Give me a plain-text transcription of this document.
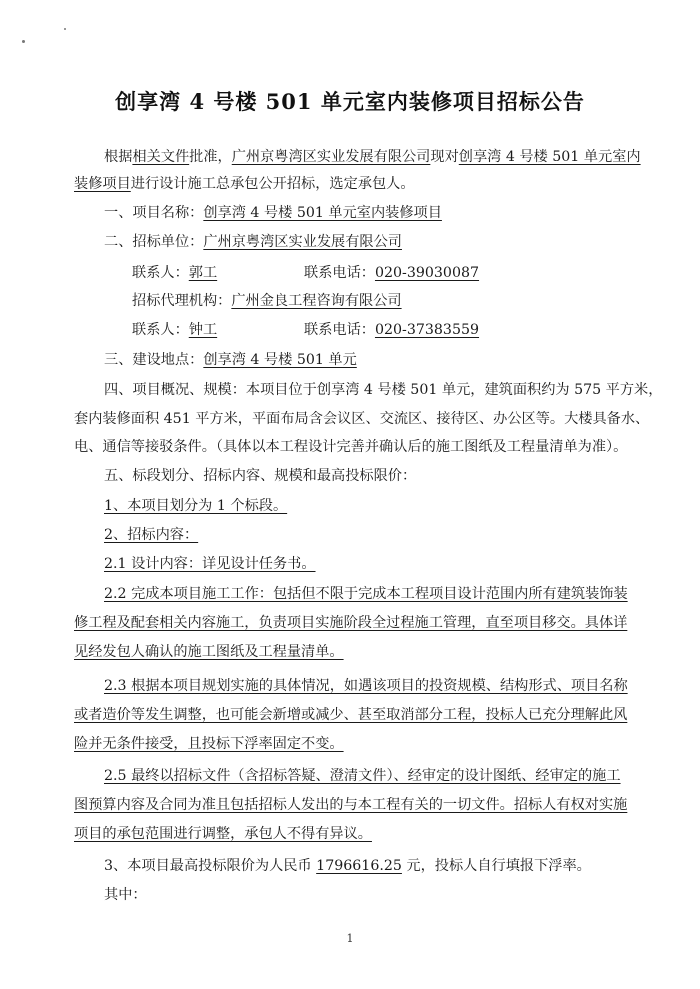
创享湾 4 号楼 501 单元室内装修项目招标公告
根据相关文件批准，广州京粤湾区实业发展有限公司现对创享湾 4 号楼 501 单元室内
装修项目进行设计施工总承包公开招标，选定承包人。
一、项目名称：创享湾 4 号楼 501 单元室内装修项目
二、招标单位：广州京粤湾区实业发展有限公司
联系人：郭工	联系电话：020-39030087
招标代理机构：广州金良工程咨询有限公司
联系人：钟工	联系电话：020-37383559
三、建设地点：创享湾 4 号楼 501 单元
四、项目概况、规模：本项目位于创享湾 4 号楼 501 单元，建筑面积约为 575 平方米，
套内装修面积 451 平方米，平面布局含会议区、交流区、接待区、办公区等。大楼具备水、
电、通信等接驳条件。（具体以本工程设计完善并确认后的施工图纸及工程量清单为准）。
五、标段划分、招标内容、规模和最高投标限价：
1、本项目划分为 1 个标段。
2、招标内容：
2.1 设计内容：详见设计任务书。
2.2 完成本项目施工工作：包括但不限于完成本工程项目设计范围内所有建筑装饰装
修工程及配套相关内容施工，负责项目实施阶段全过程施工管理，直至项目移交。具体详
见经发包人确认的施工图纸及工程量清单。
2.3 根据本项目规划实施的具体情况，如遇该项目的投资规模、结构形式、项目名称
或者造价等发生调整，也可能会新增或减少、甚至取消部分工程，投标人已充分理解此风
险并无条件接受，且投标下浮率固定不变。
2.5 最终以招标文件（含招标答疑、澄清文件）、经审定的设计图纸、经审定的施工
图预算内容及合同为准且包括招标人发出的与本工程有关的一切文件。招标人有权对实施
项目的承包范围进行调整，承包人不得有异议。
3、本项目最高投标限价为人民币 1796616.25 元，投标人自行填报下浮率。
其中：
1
